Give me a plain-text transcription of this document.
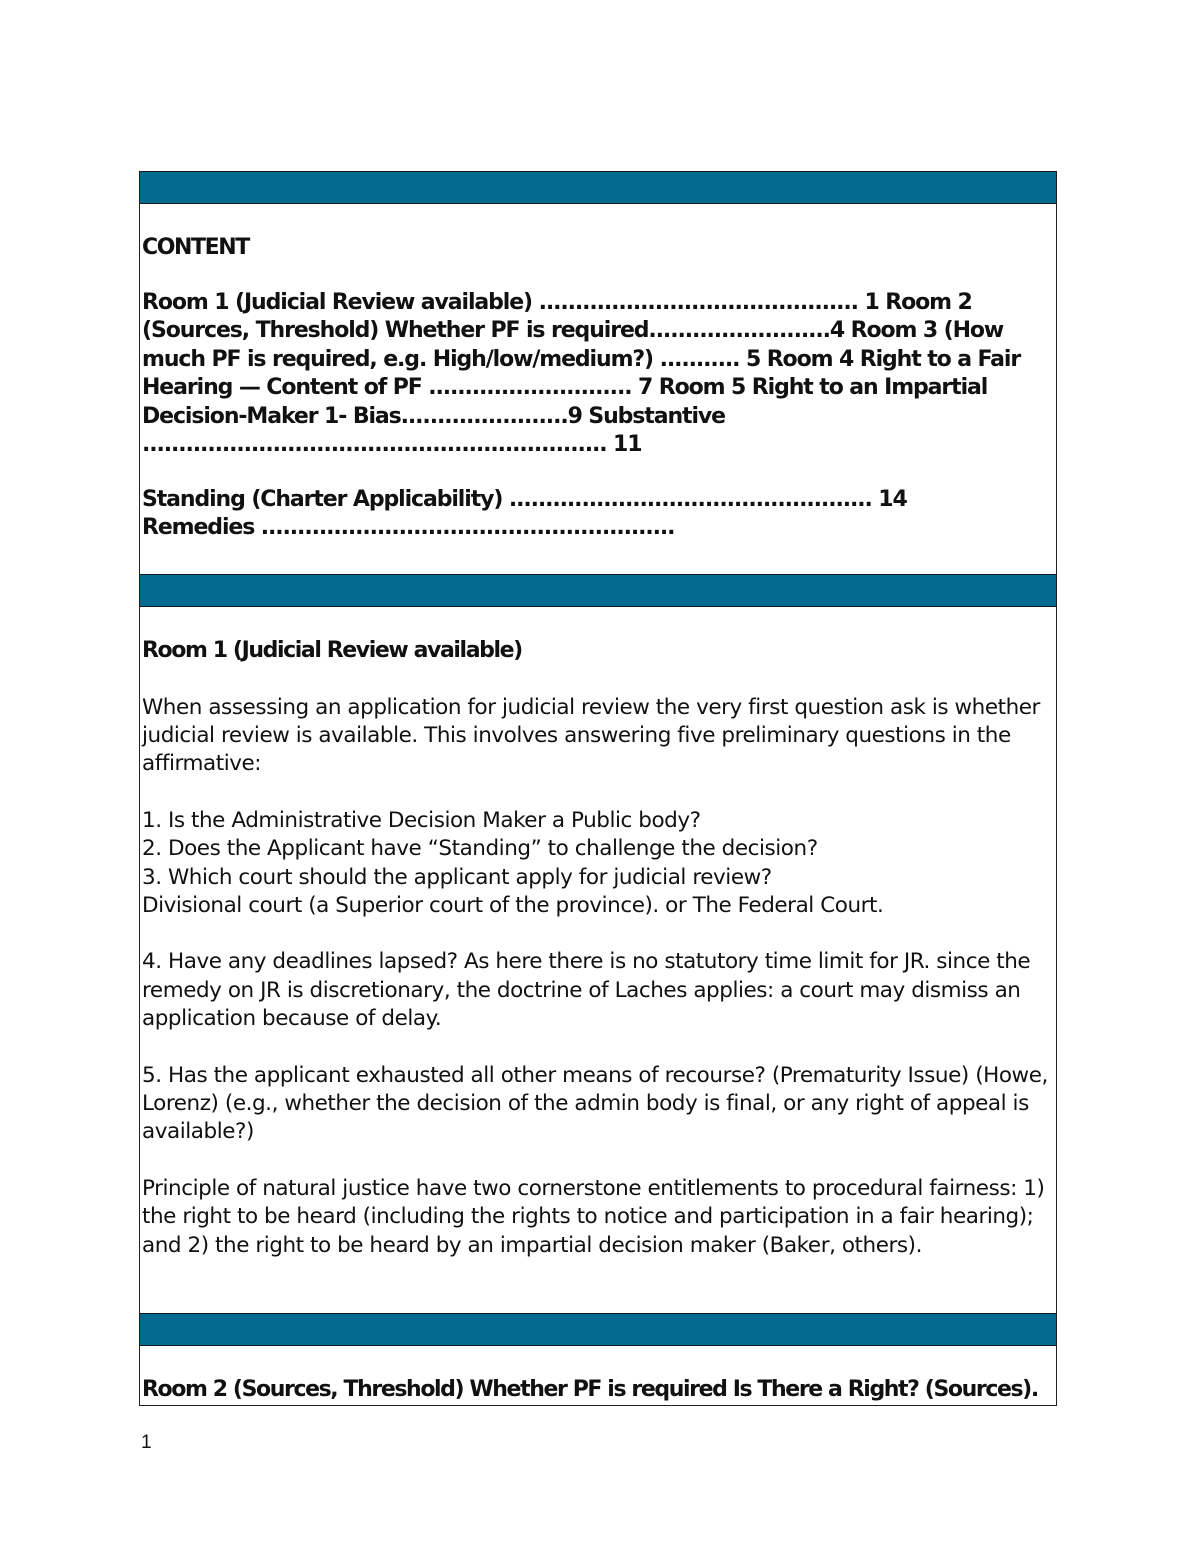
CONTENT

Room 1 (Judicial Review available) ............................................ 1 Room 2 (Sources, Threshold) Whether PF is required.........................4 Room 3 (How much PF is required, e.g. High/low/medium?) ........... 5 Room 4 Right to a Fair Hearing — Content of PF ............................ 7 Room 5 Right to an Impartial Decision-Maker 1- Bias.......................9 Substantive ................................................................ 11

Standing (Charter Applicability) .................................................. 14

Remedies .........................................................

Room 1 (Judicial Review available)

When assessing an application for judicial review the very first question ask is whether judicial review is available. This involves answering five preliminary questions in the affirmative:

1. Is the Administrative Decision Maker a Public body?

2. Does the Applicant have “Standing” to challenge the decision?

3. Which court should the applicant apply for judicial review?

Divisional court (a Superior court of the province). or The Federal Court.

4. Have any deadlines lapsed? As here there is no statutory time limit for JR. since the remedy on JR is discretionary, the doctrine of Laches applies: a court may dismiss an application because of delay.

5. Has the applicant exhausted all other means of recourse? (Prematurity Issue) (Howe, Lorenz) (e.g., whether the decision of the admin body is final, or any right of appeal is available?)

Principle of natural justice have two cornerstone entitlements to procedural fairness: 1) the right to be heard (including the rights to notice and participation in a fair hearing); and 2) the right to be heard by an impartial decision maker (Baker, others).

Room 2 (Sources, Threshold) Whether PF is required Is There a Right? (Sources).

1
